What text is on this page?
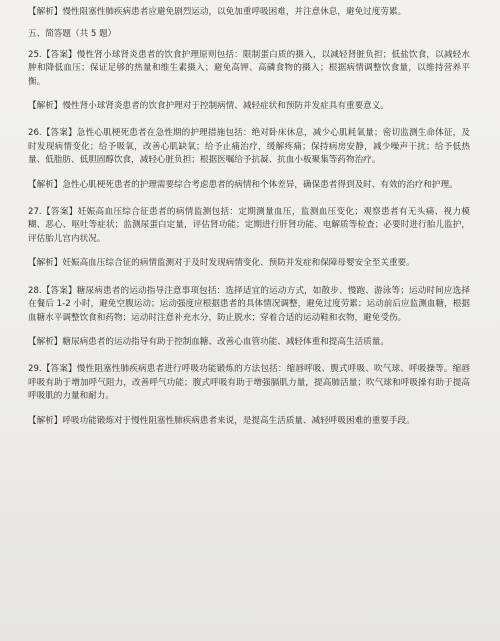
【解析】慢性阻塞性肺疾病患者应避免剧烈运动，以免加重呼吸困难，并注意休息，避免过度劳累。

五、简答题（共 5 题）

25.【答案】慢性肾小球肾炎患者的饮食护理原则包括：限制蛋白质的摄入，以减轻肾脏负担；低盐饮食，以减轻水肿和降低血压；保证足够的热量和维生素摄入；避免高钾、高磷食物的摄入；根据病情调整饮食量，以维持营养平衡。

【解析】慢性肾小球肾炎患者的饮食护理对于控制病情、减轻症状和预防并发症具有重要意义。

26.【答案】急性心肌梗死患者在急性期的护理措施包括：绝对卧床休息，减少心肌耗氧量；密切监测生命体征，及时发现病情变化；给予吸氧，改善心肌缺氧；给予止痛治疗，缓解疼痛；保持病房安静，减少噪声干扰；给予低热量、低脂肪、低胆固醇饮食，减轻心脏负担；根据医嘱给予抗凝、抗血小板聚集等药物治疗。

【解析】急性心肌梗死患者的护理需要综合考虑患者的病情和个体差异，确保患者得到及时、有效的治疗和护理。

27.【答案】妊娠高血压综合征患者的病情监测包括：定期测量血压，监测血压变化；观察患者有无头痛、视力模糊、恶心、呕吐等症状；监测尿蛋白定量，评估肾功能；定期进行肝肾功能、电解质等检查；必要时进行胎儿监护，评估胎儿宫内状况。

【解析】妊娠高血压综合征的病情监测对于及时发现病情变化、预防并发症和保障母婴安全至关重要。

28.【答案】糖尿病患者的运动指导注意事项包括：选择适宜的运动方式，如散步、慢跑、游泳等；运动时间应选择在餐后 1-2 小时，避免空腹运动；运动强度应根据患者的具体情况调整，避免过度劳累；运动前后应监测血糖，根据血糖水平调整饮食和药物；运动时注意补充水分，防止脱水；穿着合适的运动鞋和衣物，避免受伤。

【解析】糖尿病患者的运动指导有助于控制血糖、改善心血管功能、减轻体重和提高生活质量。

29.【答案】慢性阻塞性肺疾病患者进行呼吸功能锻炼的方法包括：缩唇呼吸、腹式呼吸、吹气球、呼吸操等。缩唇呼吸有助于增加呼气阻力，改善呼气功能；腹式呼吸有助于增强膈肌力量，提高肺活量；吹气球和呼吸操有助于提高呼吸肌的力量和耐力。

【解析】呼吸功能锻炼对于慢性阻塞性肺疾病患者来说，是提高生活质量、减轻呼吸困难的重要手段。
